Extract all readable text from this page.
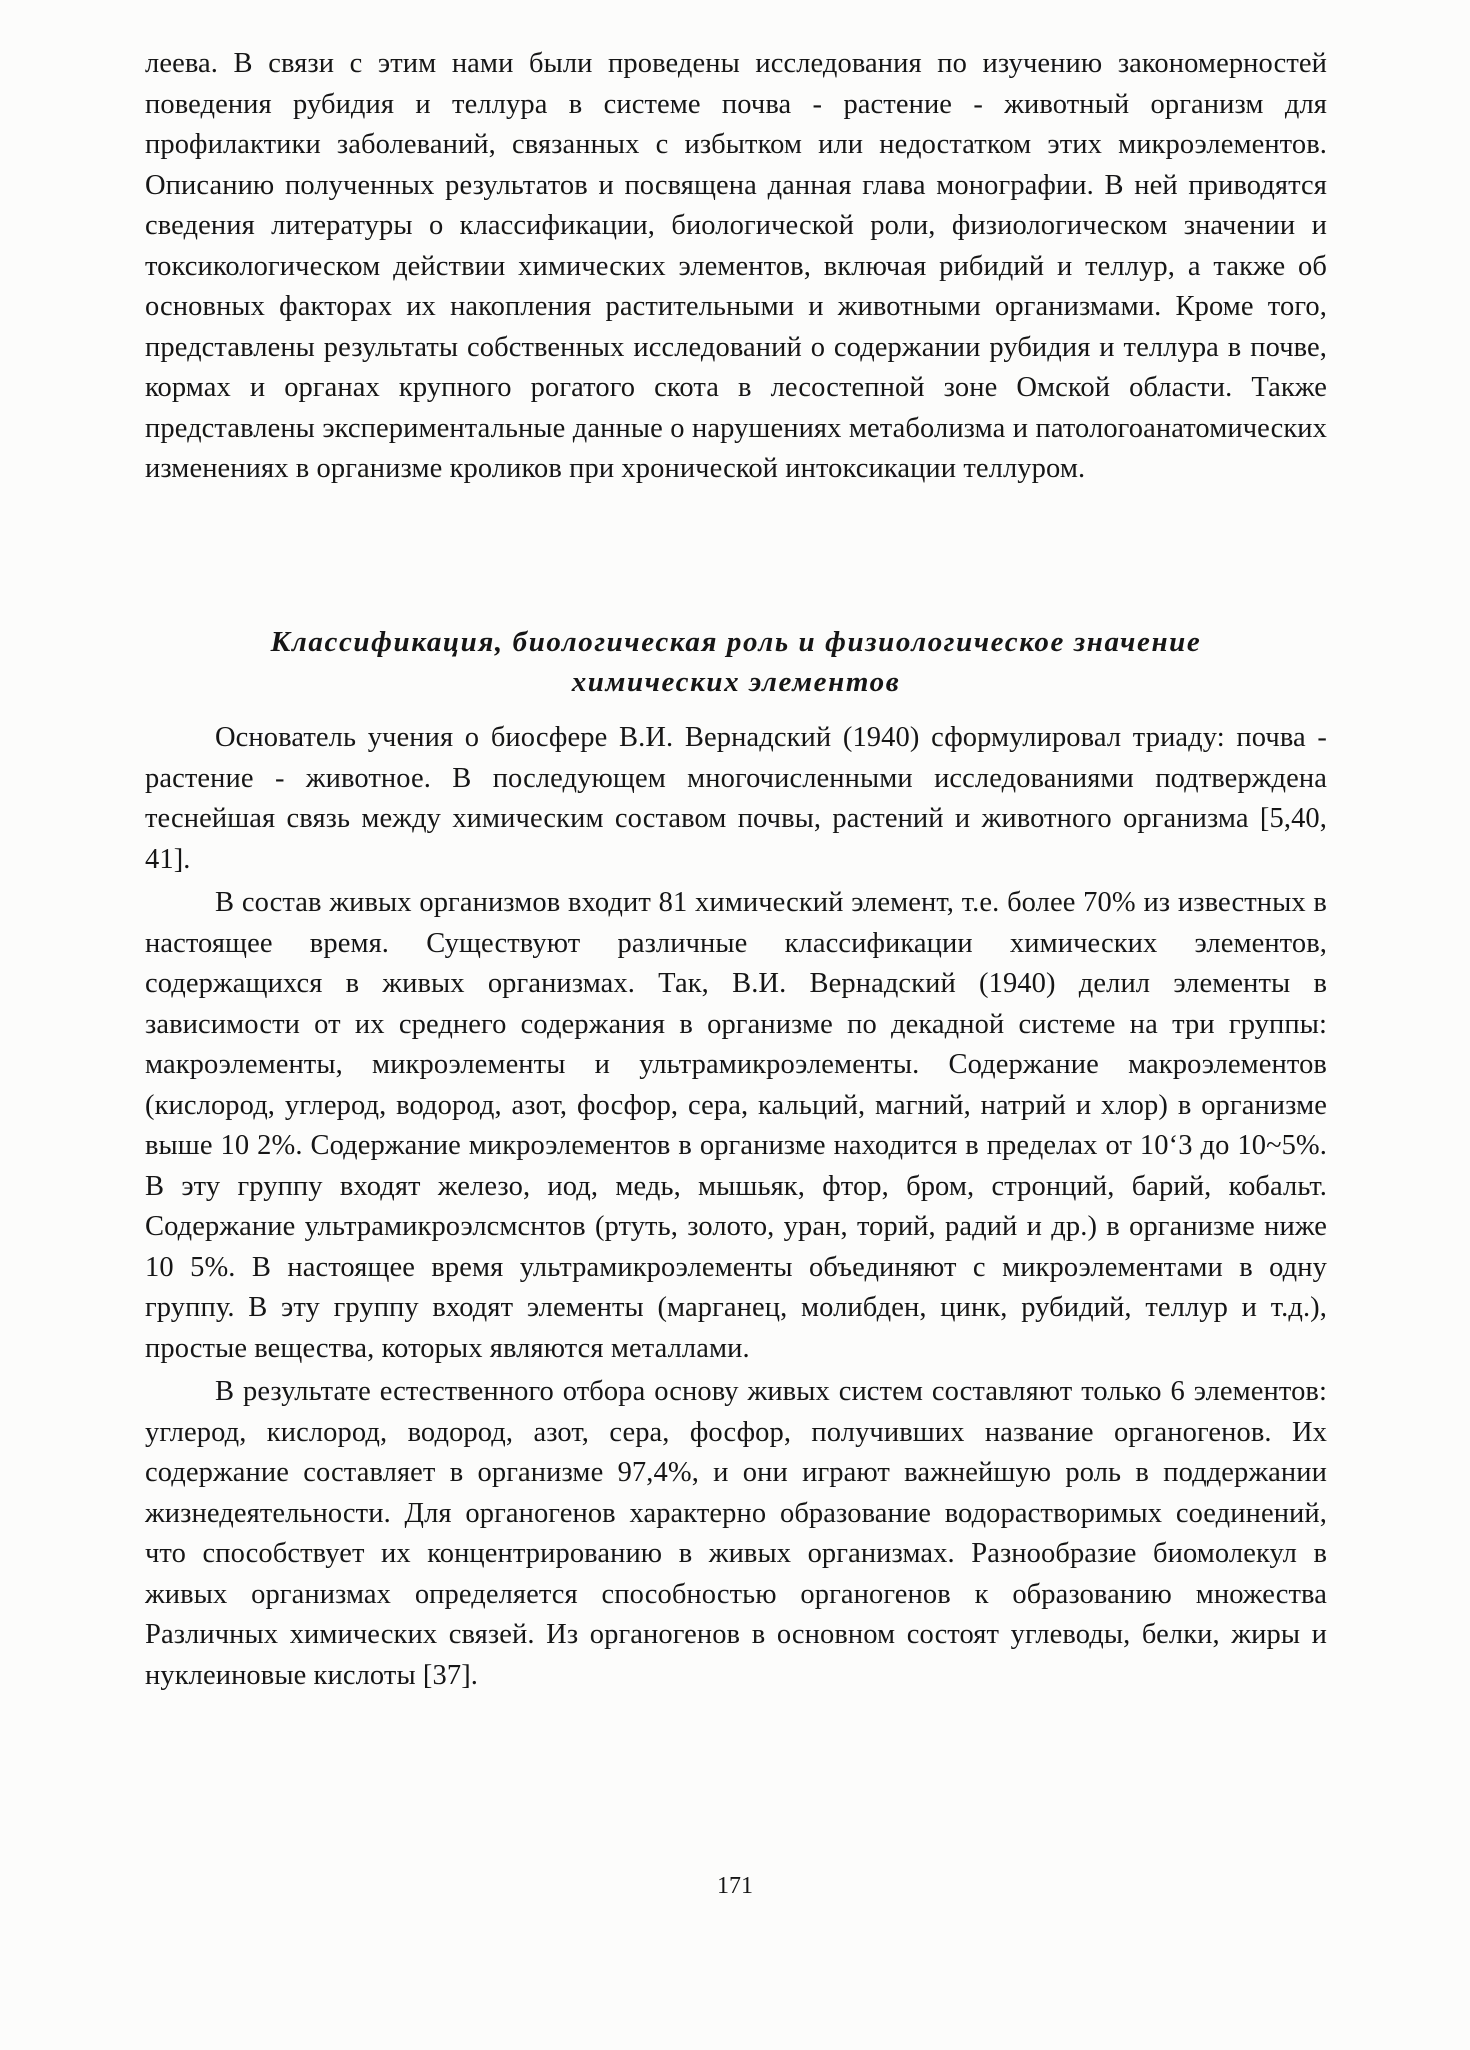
леева. В связи с этим нами были проведены исследования по изучению закономерностей поведения рубидия и теллура в системе почва - растение - животный организм для профилактики заболеваний, связанных с избытком или недостатком этих микроэлементов. Описанию полученных результатов и посвящена данная глава монографии. В ней приводятся сведения литературы о классификации, биологической роли, физиологическом значении и токсикологическом действии химических элементов, включая рибидий и теллур, а также об основных факторах их накопления растительными и животными организмами. Кроме того, представлены результаты собственных исследований о содержании рубидия и теллура в почве, кормах и органах крупного рогатого скота в лесостепной зоне Омской области. Также представлены экспериментальные данные о нарушениях метаболизма и патологоанатомических изменениях в организме кроликов при хронической интоксикации теллуром.

Классификация, биологическая роль и физиологическое значение
химических элементов

Основатель учения о биосфере В.И. Вернадский (1940) сформулировал триаду: почва - растение - животное. В последующем многочисленными исследованиями подтверждена теснейшая связь между химическим составом почвы, растений и животного организма [5,40, 41].

В состав живых организмов входит 81 химический элемент, т.е. более 70% из известных в настоящее время. Существуют различные классификации химических элементов, содержащихся в живых организмах. Так, В.И. Вернадский (1940) делил элементы в зависимости от их среднего содержания в организме по декадной системе на три группы: макроэлементы, микроэлементы и ультрамикроэлементы. Содержание макроэлементов (кислород, углерод, водород, азот, фосфор, сера, кальций, магний, натрий и хлор) в организме выше 10 2%. Содержание микроэлементов в организме находится в пределах от 10‘3 до 10~5%. В эту группу входят железо, иод, медь, мышьяк, фтор, бром, стронций, барий, кобальт. Содержание ультрамикроэлсмснтов (ртуть, золото, уран, торий, радий и др.) в организме ниже 10 5%. В настоящее время ультрамикроэлементы объединяют с микроэлементами в одну группу. В эту группу входят элементы (марганец, молибден, цинк, рубидий, теллур и т.д.), простые вещества, которых являются металлами.

В результате естественного отбора основу живых систем составляют только 6 элементов: углерод, кислород, водород, азот, сера, фосфор, получивших название органогенов. Их содержание составляет в организме 97,4%, и они играют важнейшую роль в поддержании жизнедеятельности. Для органогенов характерно образование водорастворимых соединений, что способствует их концентрированию в живых организмах. Разнообразие биомолекул в живых организмах определяется способностью органогенов к образованию множества Различных химических связей. Из органогенов в основном состоят углеводы, белки, жиры и нуклеиновые кислоты [37].

171
